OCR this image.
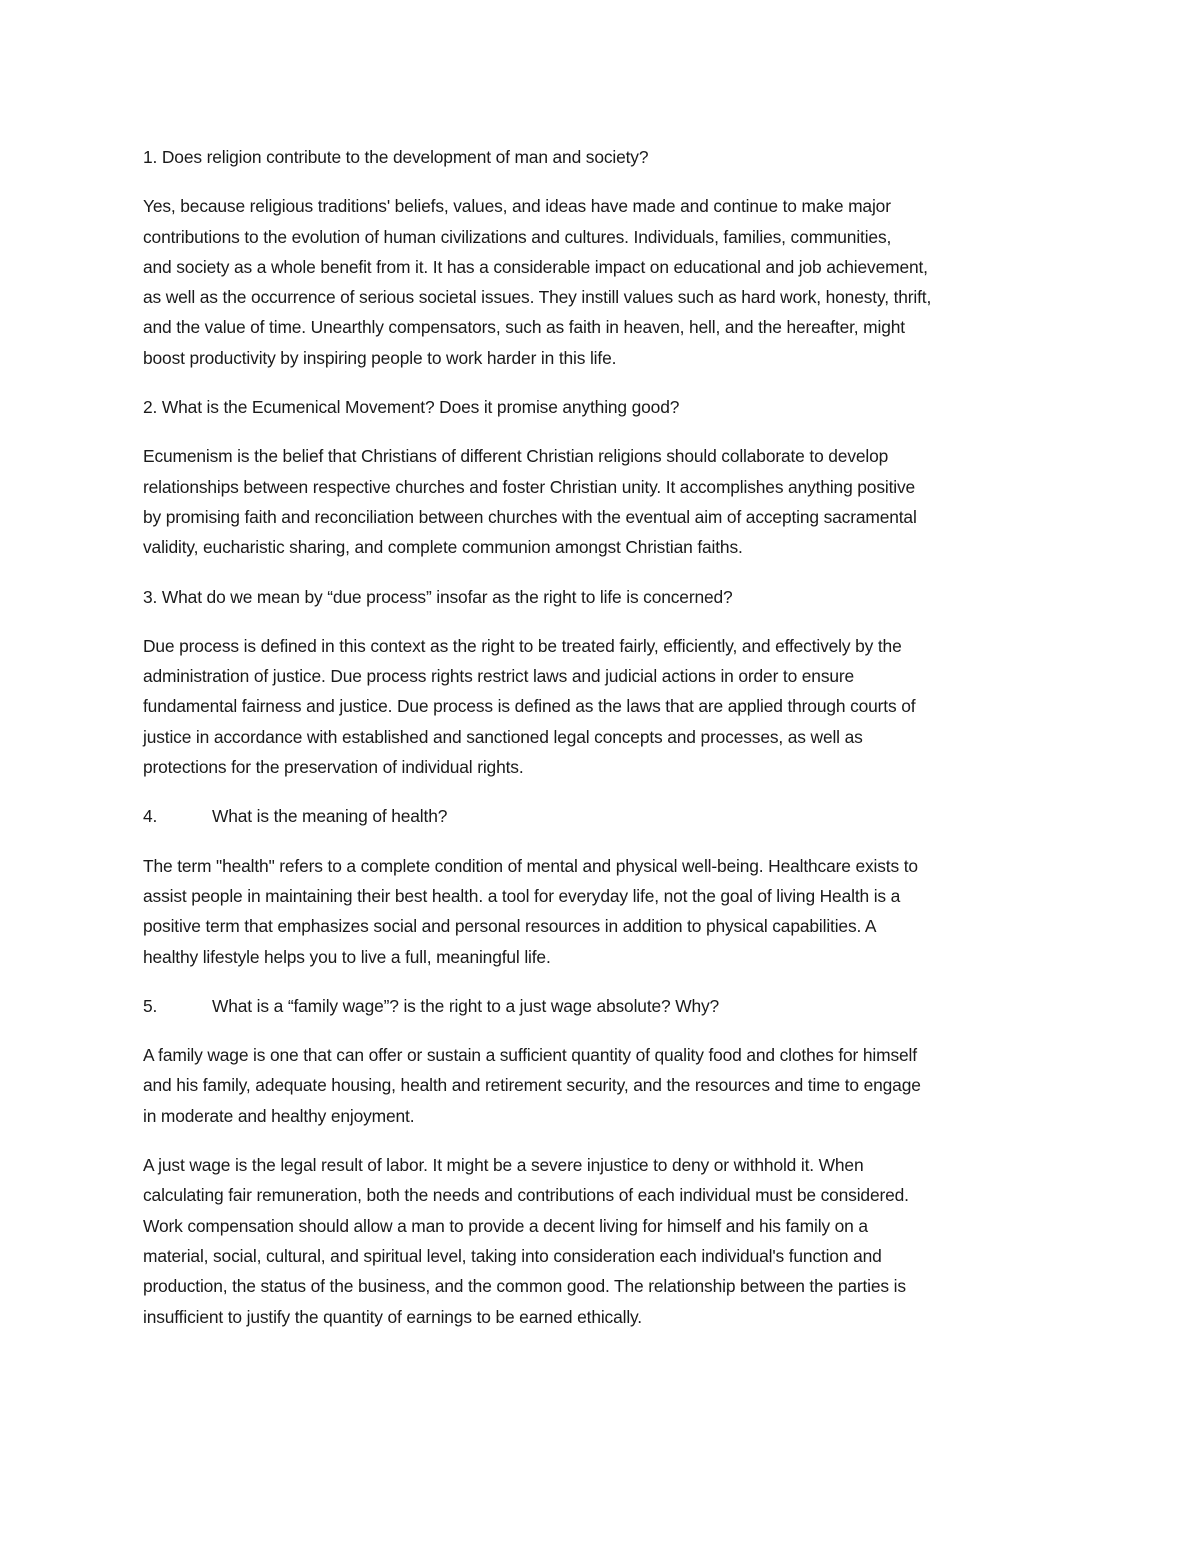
1. Does religion contribute to the development of man and society?

Yes, because religious traditions' beliefs, values, and ideas have made and continue to make major
contributions to the evolution of human civilizations and cultures. Individuals, families, communities,
and society as a whole benefit from it. It has a considerable impact on educational and job achievement,
as well as the occurrence of serious societal issues. They instill values such as hard work, honesty, thrift,
and the value of time. Unearthly compensators, such as faith in heaven, hell, and the hereafter, might
boost productivity by inspiring people to work harder in this life.

2. What is the Ecumenical Movement? Does it promise anything good?

Ecumenism is the belief that Christians of different Christian religions should collaborate to develop
relationships between respective churches and foster Christian unity. It accomplishes anything positive
by promising faith and reconciliation between churches with the eventual aim of accepting sacramental
validity, eucharistic sharing, and complete communion amongst Christian faiths.

3. What do we mean by “due process” insofar as the right to life is concerned?

Due process is defined in this context as the right to be treated fairly, efficiently, and effectively by the
administration of justice. Due process rights restrict laws and judicial actions in order to ensure
fundamental fairness and justice. Due process is defined as the laws that are applied through courts of
justice in accordance with established and sanctioned legal concepts and processes, as well as
protections for the preservation of individual rights.

4.	What is the meaning of health?

The term "health" refers to a complete condition of mental and physical well-being. Healthcare exists to
assist people in maintaining their best health. a tool for everyday life, not the goal of living Health is a
positive term that emphasizes social and personal resources in addition to physical capabilities. A
healthy lifestyle helps you to live a full, meaningful life.

5.	What is a “family wage”? is the right to a just wage absolute? Why?

A family wage is one that can offer or sustain a sufficient quantity of quality food and clothes for himself
and his family, adequate housing, health and retirement security, and the resources and time to engage
in moderate and healthy enjoyment.

A just wage is the legal result of labor. It might be a severe injustice to deny or withhold it. When
calculating fair remuneration, both the needs and contributions of each individual must be considered.
Work compensation should allow a man to provide a decent living for himself and his family on a
material, social, cultural, and spiritual level, taking into consideration each individual's function and
production, the status of the business, and the common good. The relationship between the parties is
insufficient to justify the quantity of earnings to be earned ethically.
